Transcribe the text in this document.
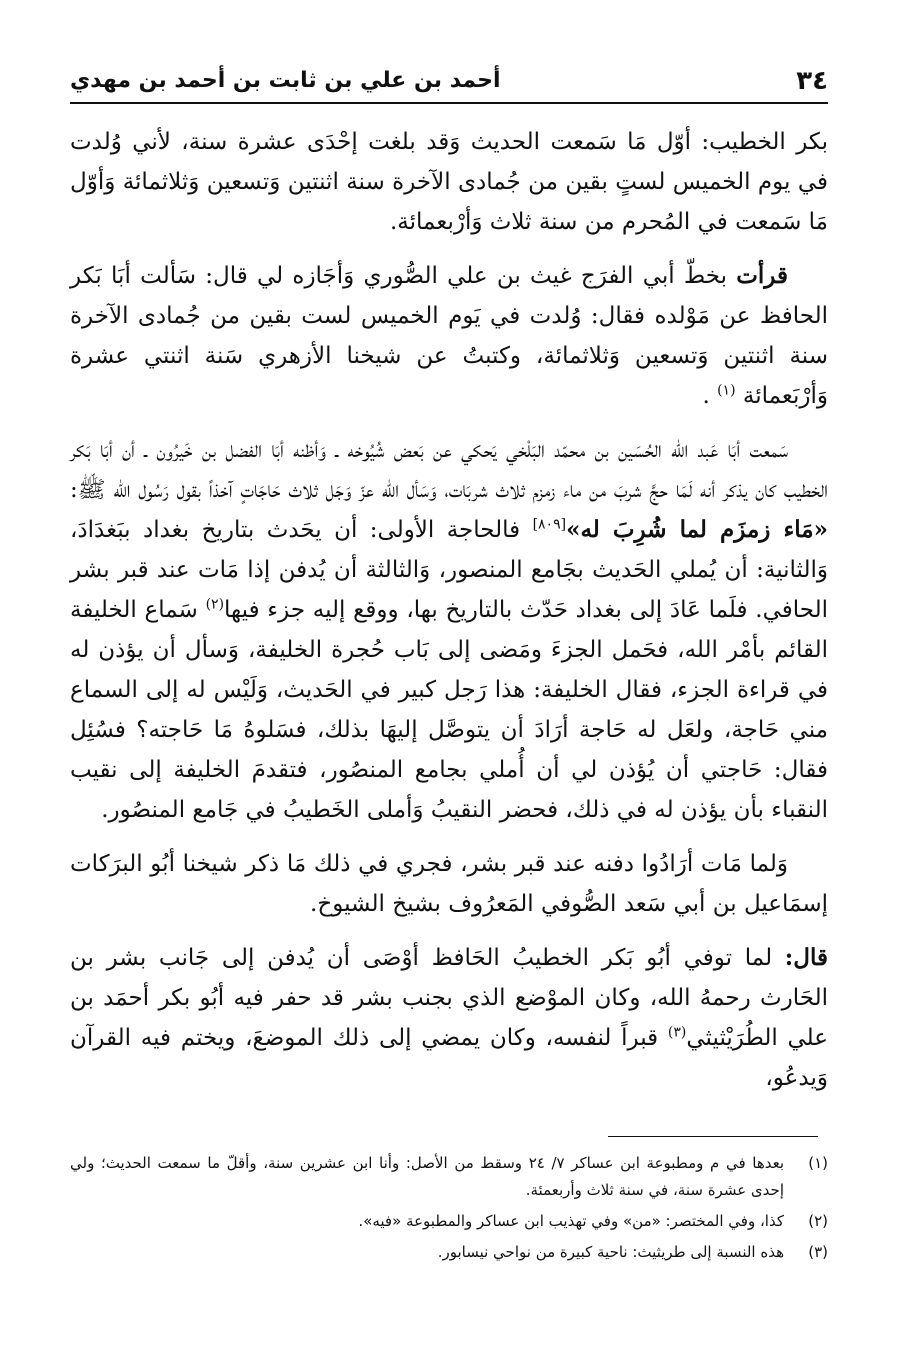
٣٤
أحمد بن علي بن ثابت بن أحمد بن مهدي

بكر الخطيب: أوّل مَا سَمعت الحديث وَقد بلغت إحْدَى عشرة سنة، لأني وُلدت في يوم الخميس لستٍ بقين من جُمادى الآخرة سنة اثنتين وَتسعين وَثلاثمائة وَأوّل مَا سَمعت في المُحرم من سنة ثلاث وَأرْبعمائة.

قرأت بخطّ أبي الفرَج غيث بن علي الصُّوري وَأجَازه لي قال: سَألت أبَا بَكر الحافظ عن مَوْلده فقال: وُلدت في يَوم الخميس لست بقين من جُمادى الآخرة سنة اثنتين وَتسعين وَثلاثمائة، وكتبتُ عن شيخنا الأزهري سَنة اثنتي عشرة وَأرْبَعمائة $^{(١)}$ .

سَمعت أبَا عَبد الله الحُسَين بن محمّد البَلْخي يَحكي عن بَعض شُيُوخه ـ وَأظنه أبَا الفضل بن خَيرُون ـ أن أبَا بَكر الخطيب كان يذكر أنه لَمَا حجَّ شربَ من ماء زمزم ثلاث شربَات، وَسَأل الله عزّ وَجَل ثلاث حَاجَاتٍ آخذاً بقول رَسُول الله ﷺ: «مَاء زمزَم لما شُرِبَ له»[٨٠٩] فالحاجة الأولى: أن يحَدث بتاريخ بغداد ببَغدَادَ، وَالثانية: أن يُملي الحَديث بجَامع المنصور، وَالثالثة أن يُدفن إذا مَات عند قبر بشر الحافي. فلَما عَادَ إلى بغداد حَدّث بالتاريخ بها، ووقع إليه جزء فيها$^{(٢)}$ سَماع الخليفة القائم بأمْر الله، فحَمل الجزءَ ومَضى إلى بَاب حُجرة الخليفة، وَسأل أن يؤذن له في قراءة الجزء، فقال الخليفة: هذا رَجل كبير في الحَديث، وَلَيْس له إلى السماع مني حَاجة، ولعَل له حَاجة أرَادَ أن يتوصَّل إليهَا بذلك، فسَلوهُ مَا حَاجته؟ فسُئِل فقال: حَاجتي أن يُؤذن لي أن أُملي بجامع المنصُور، فتقدمَ الخليفة إلى نقيب النقباء بأن يؤذن له في ذلك، فحضر النقيبُ وَأملى الخَطيبُ في جَامع المنصُور.

وَلما مَات أرَادُوا دفنه عند قبر بشر، فجري في ذلك مَا ذكر شيخنا أبُو البرَكات إسمَاعيل بن أبي سَعد الصُّوفي المَعرُوف بشيخ الشيوخ.

قال: لما توفي أبُو بَكر الخطيبُ الحَافظ أوْصَى أن يُدفن إلى جَانب بشر بن الحَارث رحمهُ الله، وكان الموْضع الذي بجنب بشر قد حفر فيه أبُو بكر أحمَد بن علي الطُرَيْثيثي$^{(٣)}$ قبراً لنفسه، وكان يمضي إلى ذلك الموضعَ، ويختم فيه القرآن وَيدعُو،

(١)
بعدها في م ومطبوعة ابن عساكر ٧/ ٢٤ وسقط من الأصل: وأنا ابن عشرين سنة، وأقلّ ما سمعت الحديث؛ ولي إحدى عشرة سنة، في سنة ثلاث وأربعمئة.

(٢)
كذا، وفي المختصر: «من» وفي تهذيب ابن عساكر والمطبوعة «فيه».

(٣)
هذه النسبة إلى طريثيث: ناحية كبيرة من نواحي نيسابور.
